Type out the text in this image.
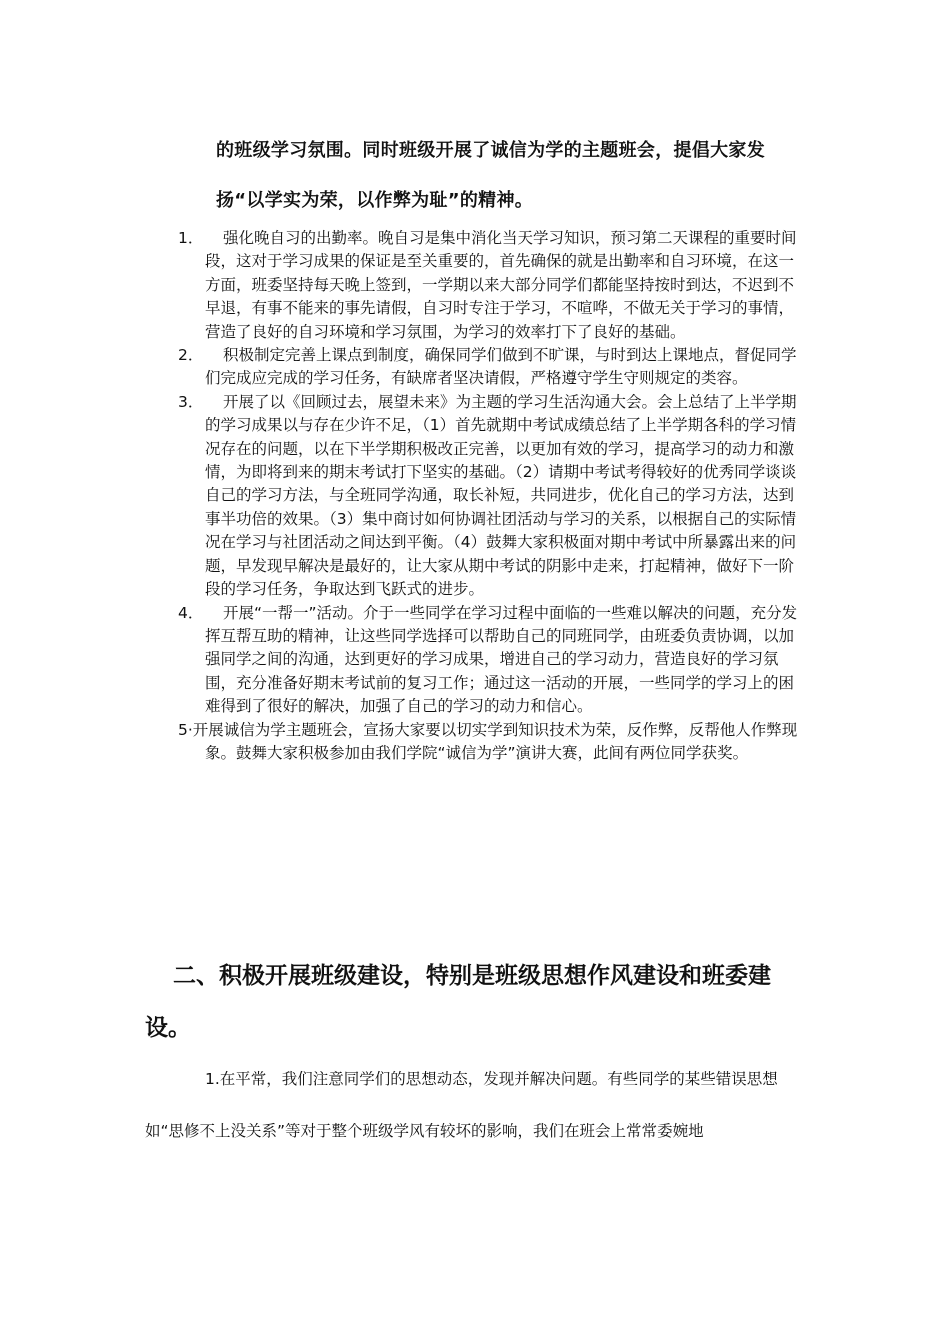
的班级学习氛围。同时班级开展了诚信为学的主题班会，提倡大家发
扬“以学实为荣，以作弊为耻”的精神。
1．	强化晚自习的出勤率。晚自习是集中消化当天学习知识，预习第二天课程的重要时间段，这对于学习成果的保证是至关重要的，首先确保的就是出勤率和自习环境，在这一方面，班委坚持每天晚上签到，一学期以来大部分同学们都能坚持按时到达，不迟到不早退，有事不能来的事先请假，自习时专注于学习，不喧哗，不做无关于学习的事情，营造了良好的自习环境和学习氛围，为学习的效率打下了良好的基础。
2．	积极制定完善上课点到制度，确保同学们做到不旷课，与时到达上课地点，督促同学们完成应完成的学习任务，有缺席者坚决请假，严格遵守学生守则规定的类容。
3．	开展了以《回顾过去，展望未来》为主题的学习生活沟通大会。会上总结了上半学期的学习成果以与存在少许不足，（1）首先就期中考试成绩总结了上半学期各科的学习情况存在的问题，以在下半学期积极改正完善，以更加有效的学习，提高学习的动力和激情，为即将到来的期末考试打下坚实的基础。（2）请期中考试考得较好的优秀同学谈谈自己的学习方法，与全班同学沟通，取长补短，共同进步，优化自己的学习方法，达到事半功倍的效果。（3）集中商讨如何协调社团活动与学习的关系，以根据自己的实际情况在学习与社团活动之间达到平衡。（4）鼓舞大家积极面对期中考试中所暴露出来的问题，早发现早解决是最好的，让大家从期中考试的阴影中走来，打起精神，做好下一阶段的学习任务，争取达到飞跃式的进步。
4．	开展“一帮一”活动。介于一些同学在学习过程中面临的一些难以解决的问题，充分发挥互帮互助的精神，让这些同学选择可以帮助自己的同班同学，由班委负责协调，以加强同学之间的沟通，达到更好的学习成果，增进自己的学习动力，营造良好的学习氛围，充分准备好期末考试前的复习工作；通过这一活动的开展，一些同学的学习上的困难得到了很好的解决，加强了自己的学习的动力和信心。
5·开展诚信为学主题班会，宣扬大家要以切实学到知识技术为荣，反作弊，反帮他人作弊现象。鼓舞大家积极参加由我们学院“诚信为学”演讲大赛，此间有两位同学获奖。
二、积极开展班级建设，特别是班级思想作风建设和班委建设。
1.在平常，我们注意同学们的思想动态，发现并解决问题。有些同学的某些错误思想如“思修不上没关系”等对于整个班级学风有较坏的影响，我们在班会上常常委婉地
